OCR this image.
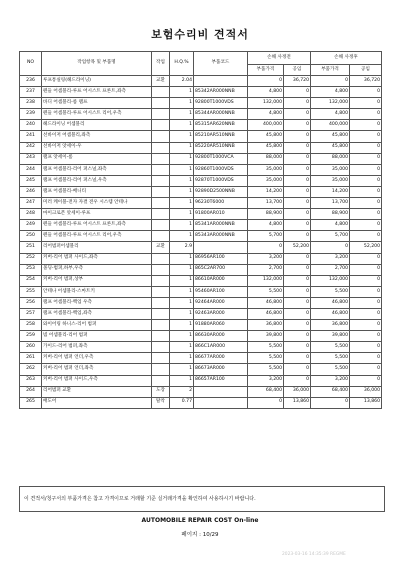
보험수리비 견적서
NO	작업항목 및 부품명	작업	H.Q.%	부품코드	손해 사정전		손해 사정후	
					부품가격	공임	부품가격	공임
236	루프통실링(헤드라이닝)	교환	2.04		0	36,720	0	36,720
237	펜들 어셈블리-루프 어시스트 프론트,좌측		1	85342AR000NNB	4,800	0	4,800	0
238	바디 어셈블리-룸 램프		1	92800T1000VDS	132,000	0	132,000	0
239	펜들 어셈블리-루프 어시스트 리어,우측		1	85344AR000NNB	4,800	0	4,800	0
240	헤드라이닝 어셈블리		1	85315AR620NNB	400,000	0	400,000	0
241	선바이저 어셈블리,좌측		1	85210AR510NNB	45,800	0	45,800	0
242	선바이저 앗세이-우		1	85220AR510NNB	45,800	0	45,800	0
243	램프 앗세이-룸		1	92800T1000VCA	88,000	0	88,000	0
244	램프 어셈블리-리어 퍼스널,좌측		1	92860T1000VDS	35,000	0	35,000	0
245	램프 어셈블리-리어 퍼스널,우측		1	92870T1000VDS	35,000	0	35,000	0
246	램프 어셈블리-배니티		1	92890D2500NNB	14,200	0	14,200	0
247	미러 케이블-전자 자결 전우 시스템 안테나		1	96230T6000	13,700	0	13,700	0
248	마이크로폰 앗세이-루프		1	91800AR010	88,900	0	88,900	0
249	펜들 어셈블리-루프 어시스트 프론트,좌측		1	85341AR000NNB	4,800	0	4,800	0
250	펜들 어셈블리-루프 어시스트 리어,우측		1	85343AR000NNB	5,700	0	5,700	0
251	리어범퍼어셈블리	교환	2.9		0	52,200	0	52,200
252	커버-리어 범퍼 사이드,좌측		1	86956AR100	3,200	0	3,200	0
253	몰딩-범퍼,하부,우측		1	865C2AR700	2,700	0	2,700	0
254	커버-리어 범퍼,상부		1	86610AR000	132,000	0	132,000	0
255	안테나 어셈블리-스마트키		1	95460AR100	5,500	0	5,500	0
256	램프 어셈블리-백업 우측		1	92464AR000	46,800	0	46,800	0
257	램프 어셈블리-백업,좌측		1	92463AR000	46,800	0	46,800	0
258	와이어링 하니스-리어 범퍼		1	91880AR060	36,800	0	36,800	0
259	빔 어셈블리-리어 범퍼		1	86630AR000	39,800	0	39,800	0
260	가이드-리어 범퍼,좌측		1	866C1AR000	5,500	0	5,500	0
261	커버-리어 범퍼 언더,우측		1	86677AR000	5,500	0	5,500	0
262	커버-리어 범퍼 언더,좌측		1	86673AR000	5,500	0	5,500	0
263	커버-리어 범퍼 사이드,우측		1	86657AR100	3,200	0	3,200	0
264	리어범퍼 교환	도장	2		68,400	36,000	68,400	36,000
265	배도어	탈착	0.77		0	13,860	0	13,860
이 견적서/청구서의 부품가격은 참고 가격이므로 거래할 기준 실거래가격을 확인하여 사용하시기 바랍니다.
AUTOMOBILE REPAIR COST On-line
페이지 : 10/29
2023-03-16 14:35:39 REGME
